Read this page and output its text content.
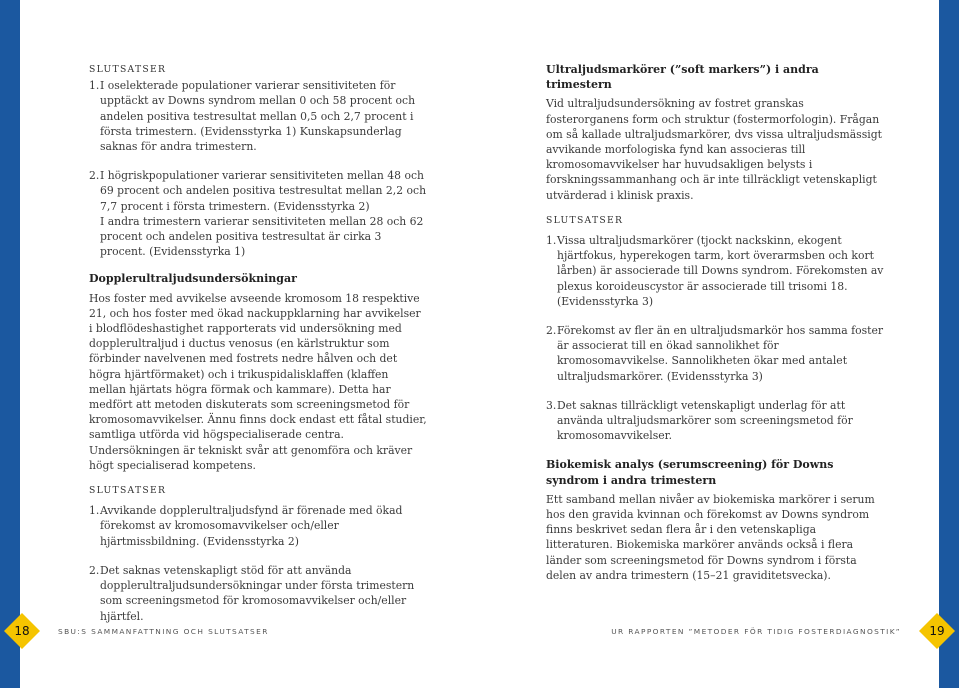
SLUTSATSER
1. I oselekterade populationer varierar sensitiviteten för upptäckt av Downs syndrom mellan 0 och 58 procent och andelen positiva testresultat mellan 0,5 och 2,7 procent i första trimestern. (Evidensstyrka 1) Kunskapsunderlag saknas för andra trimestern.

2. I högriskpopulationer varierar sensitiviteten mellan 48 och 69 procent och andelen positiva testresultat mellan 2,2 och 7,7 procent i första trimestern. (Evidensstyrka 2)

I andra trimestern varierar sensitiviteten mellan 28 och 62 procent och andelen positiva testresultat är cirka 3 procent. (Evidensstyrka 1)

Dopplerultraljudsundersökningar

Hos foster med avvikelse avseende kromosom 18 respektive 21, och hos foster med ökad nackuppklarning har avvikelser i blodflödeshastighet rapporterats vid undersökning med dopplerultraljud i ductus venosus (en kärlstruktur som förbinder navelvenen med fostrets nedre hålven och det högra hjärtförmaket) och i trikuspidalisklaffen (klaffen mellan hjärtats högra förmak och kammare). Detta har medfört att metoden diskuterats som screeningsmetod för kromosomavvikelser. Ännu finns dock endast ett fåtal studier, samtliga utförda vid högspecialiserade centra. Undersökningen är tekniskt svår att genomföra och kräver högt specialiserad kompetens.

SLUTSATSER
1. Avvikande dopplerultraljudsfynd är förenade med ökad förekomst av kromosomavvikelser och/eller hjärtmissbildning. (Evidensstyrka 2)

2. Det saknas vetenskapligt stöd för att använda dopplerultraljudsundersökningar under första trimestern som screeningsmetod för kromosomavvikelser och/eller hjärtfel.

Ultraljudsmarkörer (”soft markers”) i andra trimestern

Vid ultraljudsundersökning av fostret granskas fosterorganens form och struktur (fostermorfologin). Frågan om så kallade ultraljudsmarkörer, dvs vissa ultraljudsmässigt avvikande morfologiska fynd kan associeras till kromosomavvikelser har huvudsakligen belysts i forskningssammanhang och är inte tillräckligt vetenskapligt utvärderad i klinisk praxis.

SLUTSATSER
1. Vissa ultraljudsmarkörer (tjockt nackskinn, ekogent hjärtfokus, hyperekogen tarm, kort överarmsben och kort lårben) är associerade till Downs syndrom. Förekomsten av plexus koroideuscystor är associerade till trisomi 18. (Evidensstyrka 3)

2. Förekomst av fler än en ultraljudsmarkör hos samma foster är associerat till en ökad sannolikhet för kromosomavvikelse. Sannolikheten ökar med antalet ultraljudsmarkörer. (Evidensstyrka 3)

3. Det saknas tillräckligt vetenskapligt underlag för att använda ultraljudsmarkörer som screeningsmetod för kromosomavvikelser.

Biokemisk analys (serumscreening) för Downs syndrom i andra trimestern

Ett samband mellan nivåer av biokemiska markörer i serum hos den gravida kvinnan och förekomst av Downs syndrom finns beskrivet sedan flera år i den vetenskapliga litteraturen. Biokemiska markörer används också i flera länder som screeningsmetod för Downs syndrom i första delen av andra trimestern (15–21 graviditetsvecka).

18	SBU:S SAMMANFATTNING OCH SLUTSATSER	UR RAPPORTEN ”METODER FÖR TIDIG FOSTERDIAGNOSTIK”	19
